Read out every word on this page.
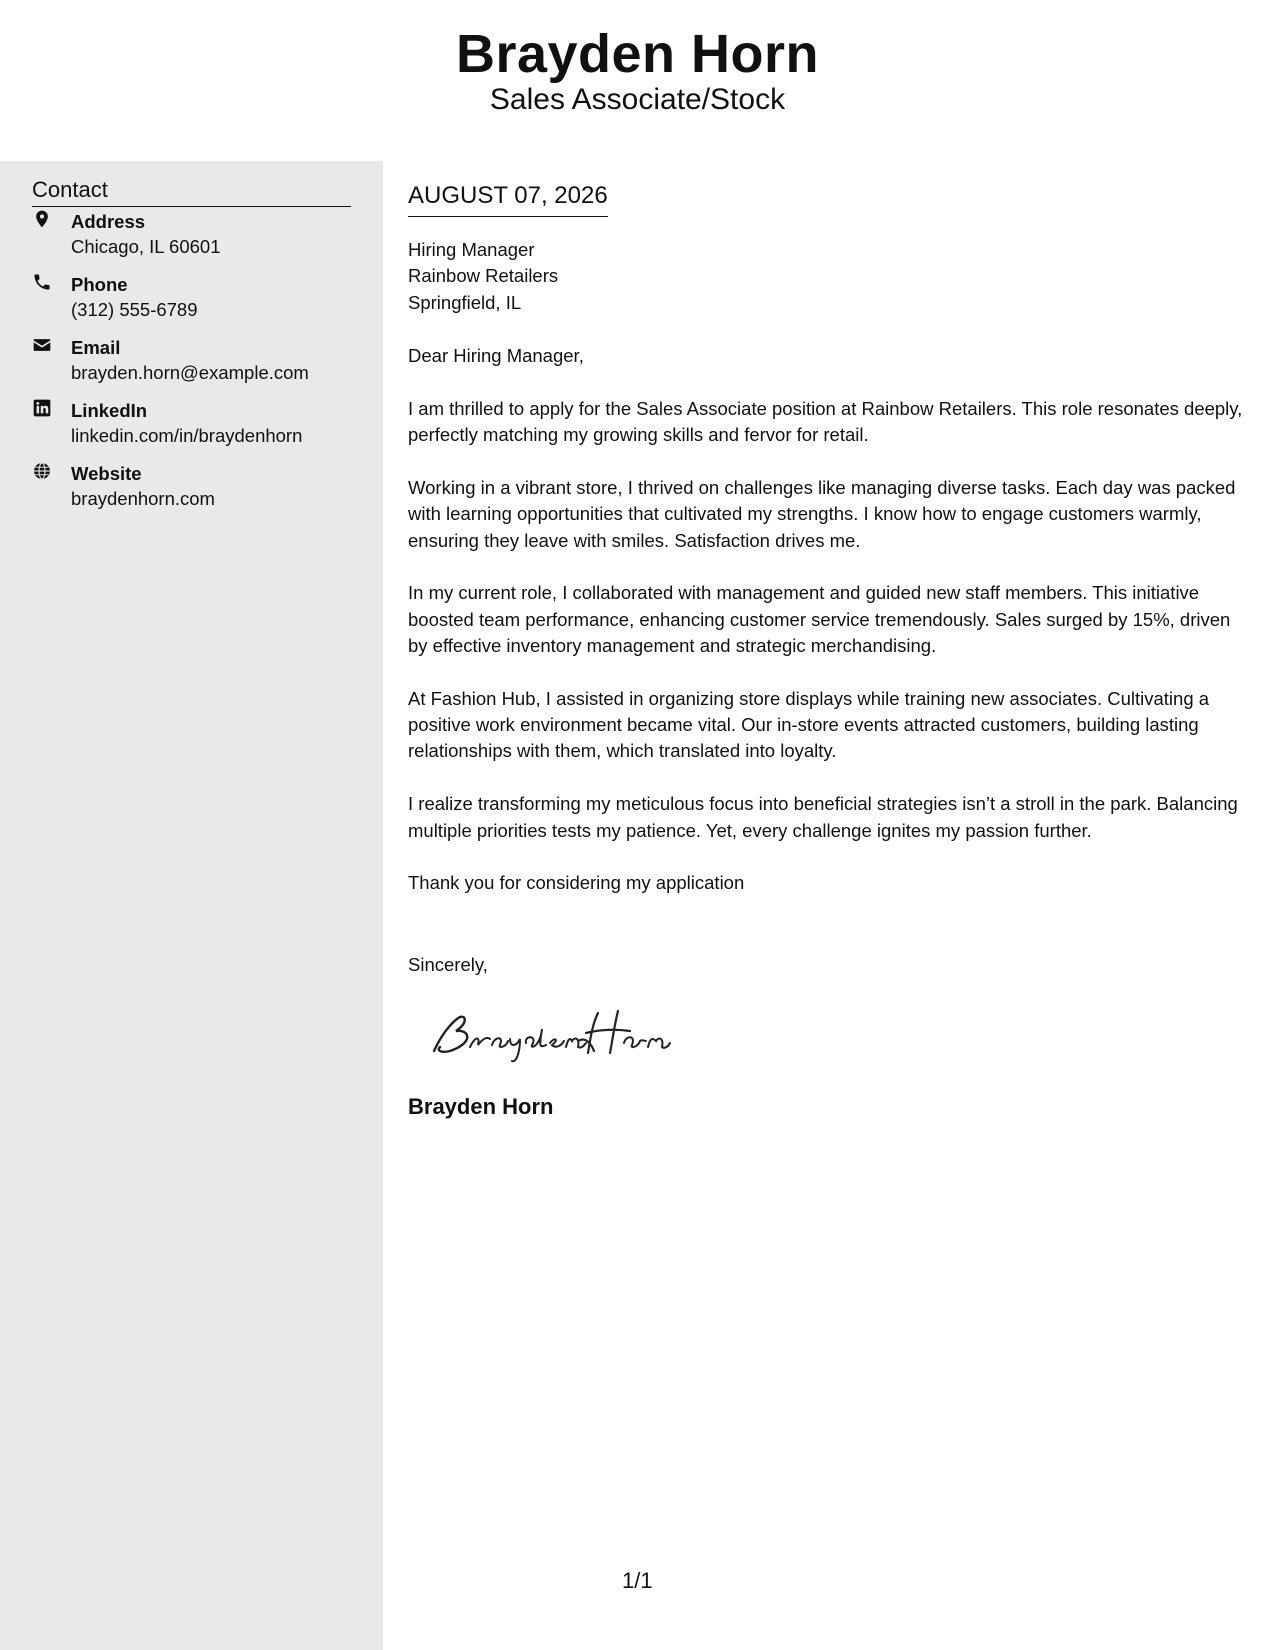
Brayden Horn
Sales Associate/Stock
Contact
Address
Chicago, IL 60601
Phone
(312) 555-6789
Email
brayden.horn@example.com
LinkedIn
linkedin.com/in/braydenhorn
Website
braydenhorn.com
AUGUST 07, 2026
Hiring Manager
Rainbow Retailers
Springfield, IL
Dear Hiring Manager,

I am thrilled to apply for the Sales Associate position at Rainbow Retailers. This role resonates deeply, perfectly matching my growing skills and fervor for retail.

Working in a vibrant store, I thrived on challenges like managing diverse tasks. Each day was packed with learning opportunities that cultivated my strengths. I know how to engage customers warmly, ensuring they leave with smiles. Satisfaction drives me.

In my current role, I collaborated with management and guided new staff members. This initiative boosted team performance, enhancing customer service tremendously. Sales surged by 15%, driven by effective inventory management and strategic merchandising.

At Fashion Hub, I assisted in organizing store displays while training new associates. Cultivating a positive work environment became vital. Our in-store events attracted customers, building lasting relationships with them, which translated into loyalty.

I realize transforming my meticulous focus into beneficial strategies isn’t a stroll in the park. Balancing multiple priorities tests my patience. Yet, every challenge ignites my passion further.

Thank you for considering my application

Sincerely,
Brayden Horn
1/1
